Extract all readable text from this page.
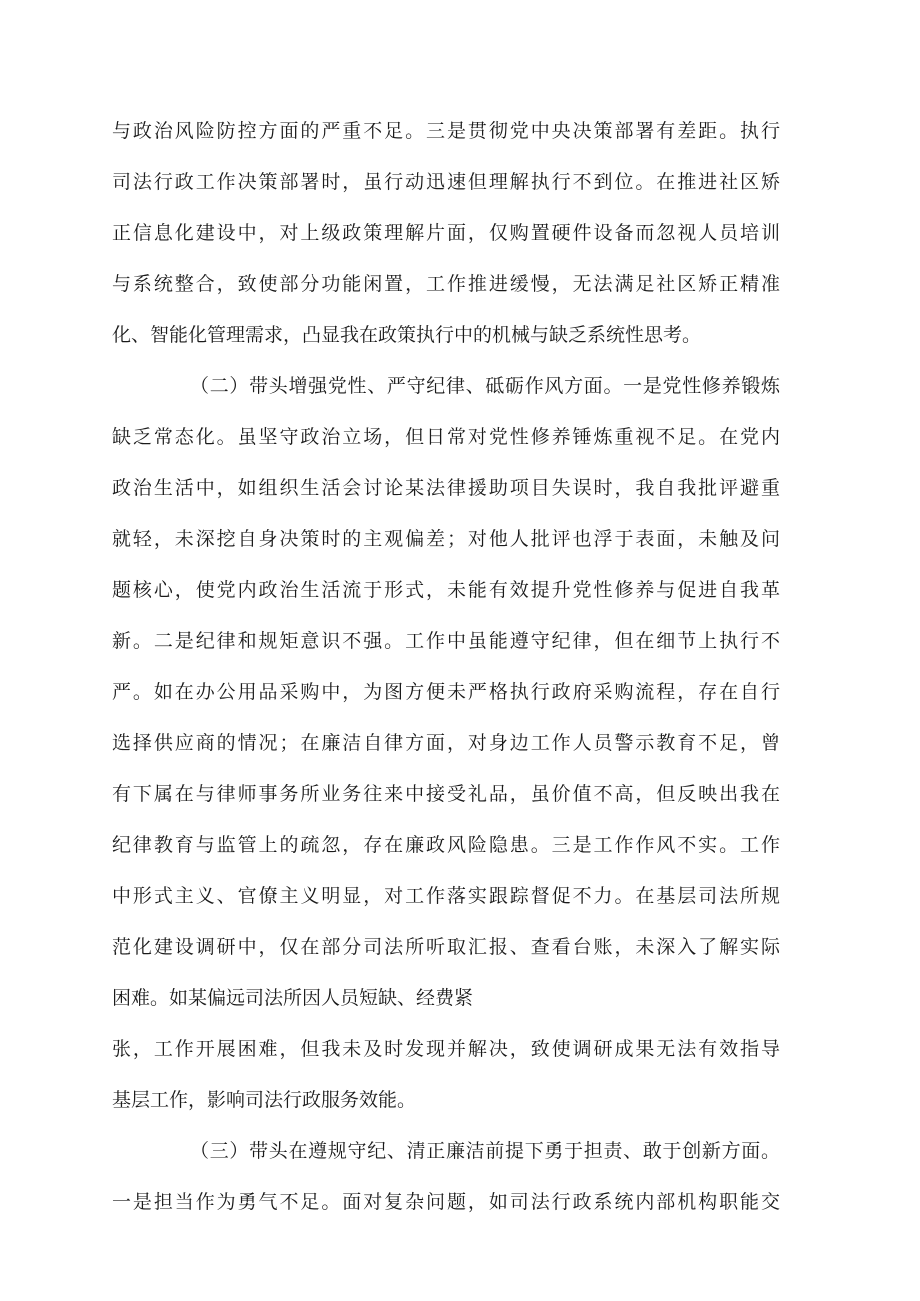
与政治风险防控方面的严重不足。三是贯彻党中央决策部署有差距。执行
司法行政工作决策部署时，虽行动迅速但理解执行不到位。在推进社区矫
正信息化建设中，对上级政策理解片面，仅购置硬件设备而忽视人员培训
与系统整合，致使部分功能闲置，工作推进缓慢，无法满足社区矫正精准
化、智能化管理需求，凸显我在政策执行中的机械与缺乏系统性思考。
（二）带头增强党性、严守纪律、砥砺作风方面。一是党性修养锻炼
缺乏常态化。虽坚守政治立场，但日常对党性修养锤炼重视不足。在党内
政治生活中，如组织生活会讨论某法律援助项目失误时，我自我批评避重
就轻，未深挖自身决策时的主观偏差；对他人批评也浮于表面，未触及问
题核心，使党内政治生活流于形式，未能有效提升党性修养与促进自我革
新。二是纪律和规矩意识不强。工作中虽能遵守纪律，但在细节上执行不
严。如在办公用品采购中，为图方便未严格执行政府采购流程，存在自行
选择供应商的情况；在廉洁自律方面，对身边工作人员警示教育不足，曾
有下属在与律师事务所业务往来中接受礼品，虽价值不高，但反映出我在
纪律教育与监管上的疏忽，存在廉政风险隐患。三是工作作风不实。工作
中形式主义、官僚主义明显，对工作落实跟踪督促不力。在基层司法所规
范化建设调研中，仅在部分司法所听取汇报、查看台账，未深入了解实际
困难。如某偏远司法所因人员短缺、经费紧
张，工作开展困难，但我未及时发现并解决，致使调研成果无法有效指导
基层工作，影响司法行政服务效能。
（三）带头在遵规守纪、清正廉洁前提下勇于担责、敢于创新方面。
一是担当作为勇气不足。面对复杂问题，如司法行政系统内部机构职能交
